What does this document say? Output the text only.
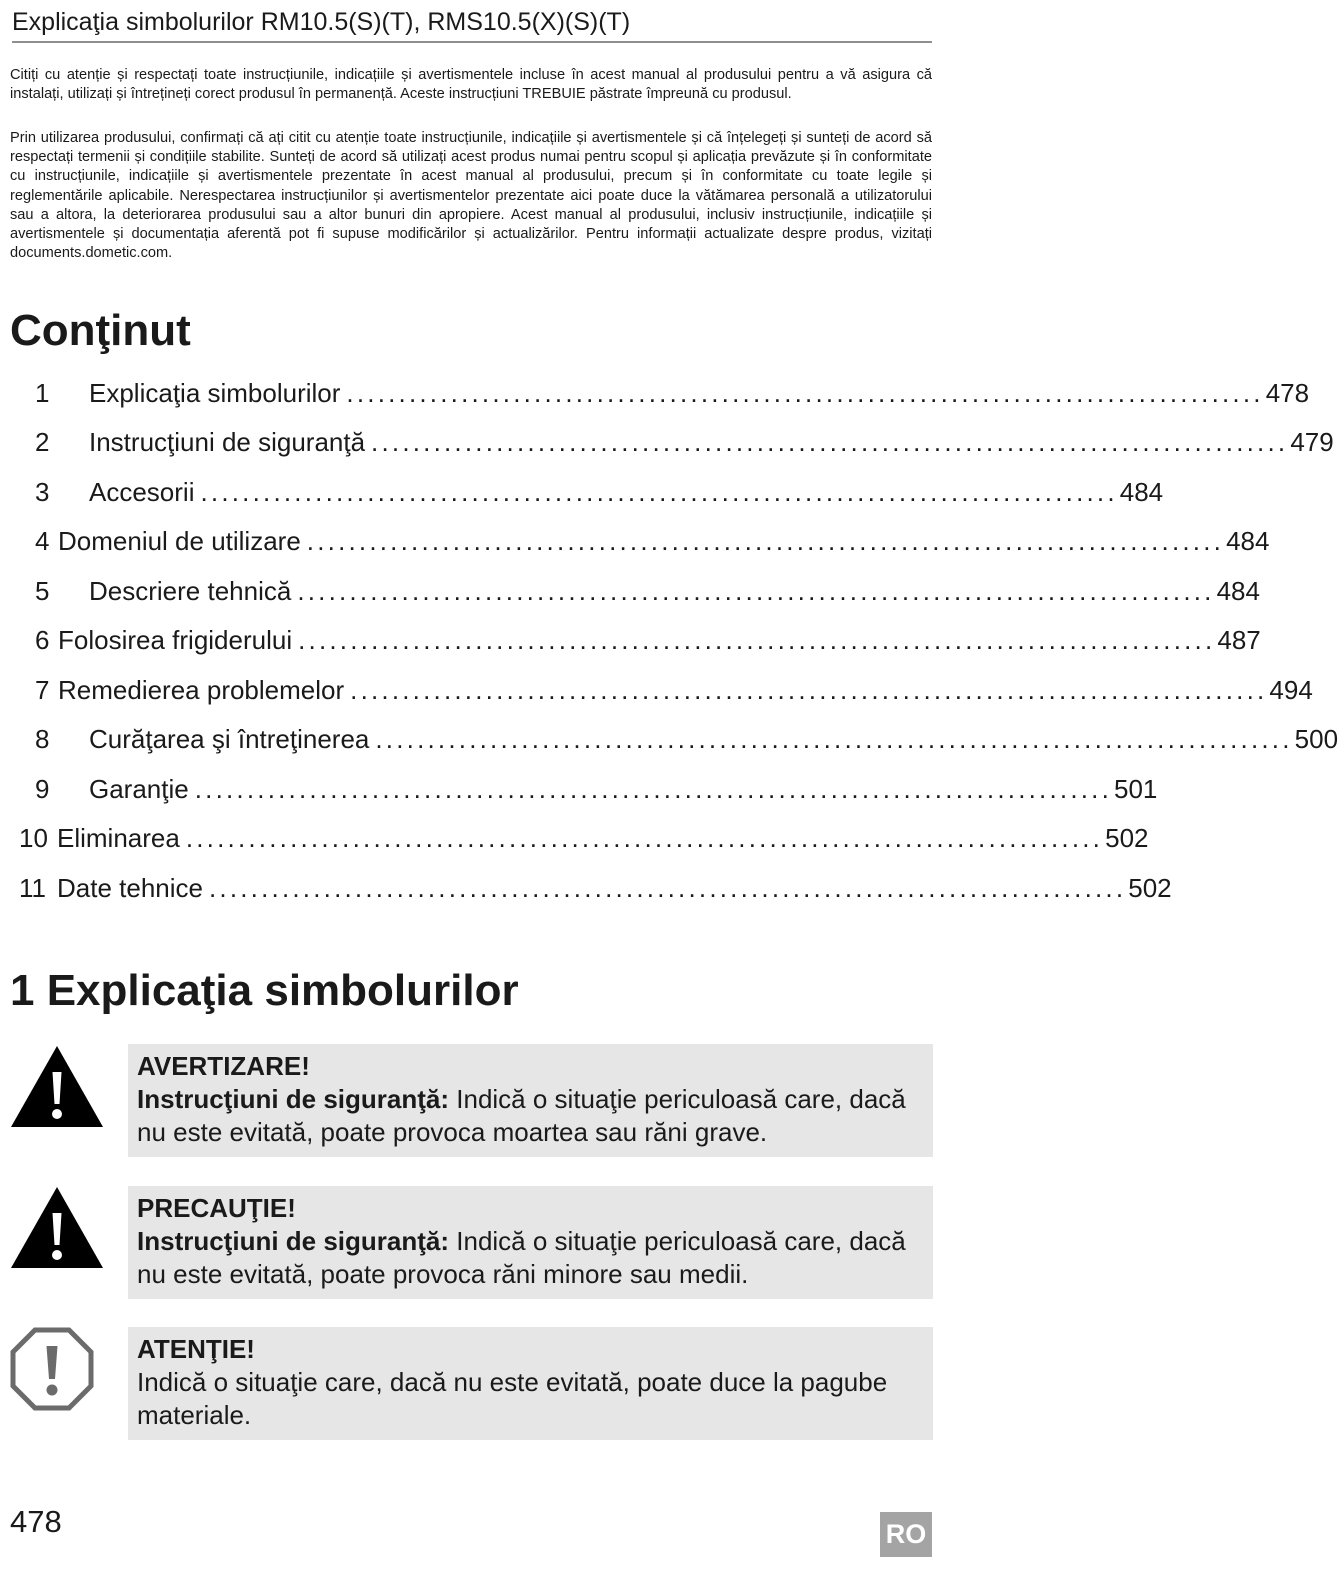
Explicaţia simbolurilor RM10.5(S)(T), RMS10.5(X)(S)(T)
Citiți cu atenție și respectați toate instrucțiunile, indicațiile și avertismentele incluse în acest manual al produsului pentru a vă asigura că instalați, utilizați și întrețineți corect produsul în permanență. Aceste instrucțiuni TREBUIE păstrate împreună cu produsul.
Prin utilizarea produsului, confirmați că ați citit cu atenție toate instrucțiunile, indicațiile și avertismentele și că înțelegeți și sunteți de acord să respectați termenii și condițiile stabilite. Sunteți de acord să utilizați acest produs numai pentru scopul și aplicația prevăzute și în conformitate cu instrucțiunile, indicațiile și avertismentele prezentate în acest manual al produsului, precum și în conformitate cu toate legile și reglementările aplicabile. Nerespectarea instrucțiunilor și avertismentelor prezentate aici poate duce la vătămarea personală a utilizatorului sau a altora, la deteriorarea produsului sau a altor bunuri din apropiere. Acest manual al produsului, inclusiv instrucțiunile, indicațiile și avertismentele și documentația aferentă pot fi supuse modificărilor și actualizărilor. Pentru informații actualizate despre produs, vizitați documents.dometic.com.
Conţinut
1	Explicaţia simbolurilor ........................................................................................ 478
2	Instrucţiuni de siguranţă ........................................................................................ 479
3	Accesorii ........................................................................................ 484
4 Domeniul de utilizare ........................................................................................ 484
5	Descriere tehnică ........................................................................................ 484
6 Folosirea frigiderului ........................................................................................ 487
7 Remedierea problemelor ........................................................................................ 494
8	Curăţarea şi întreţinerea ........................................................................................ 500
9	Garanţie ........................................................................................ 501
10 Eliminarea ........................................................................................ 502
11 Date tehnice ........................................................................................ 502
1 Explicaţia simbolurilor
AVERTIZARE!
Instrucţiuni de siguranţă: Indică o situaţie periculoasă care, dacă nu este evitată, poate provoca moartea sau răni grave.
PRECAUŢIE!
Instrucţiuni de siguranţă: Indică o situaţie periculoasă care, dacă nu este evitată, poate provoca răni minore sau medii.
ATENŢIE!
Indică o situaţie care, dacă nu este evitată, poate duce la pagube materiale.
478	RO
